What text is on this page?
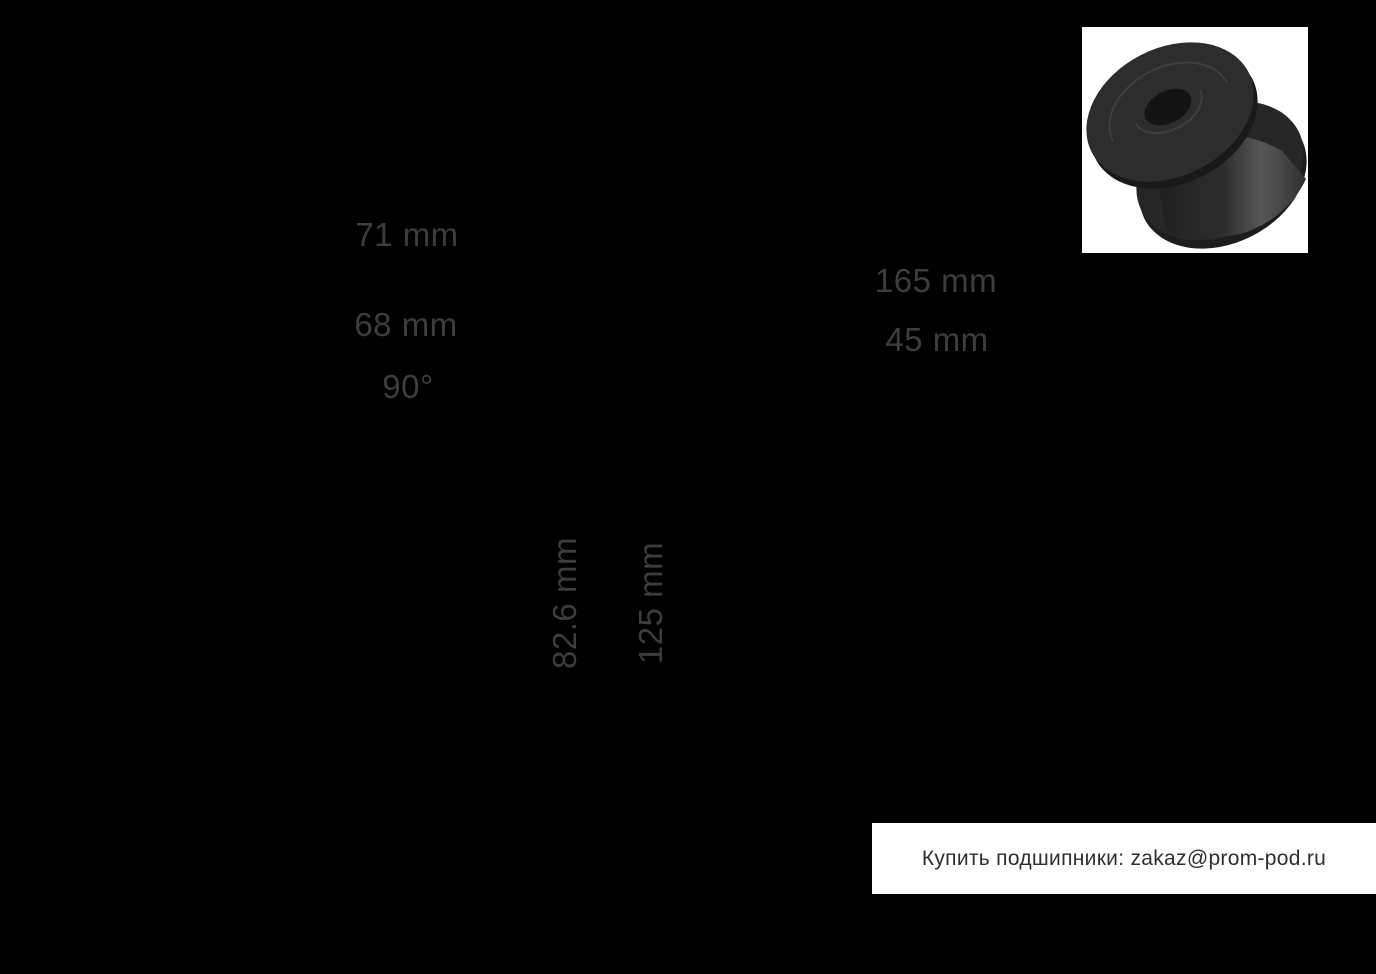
71 mm
68 mm
90°
165 mm
45 mm
82.6 mm 125 mm
Купить подшипники: zakaz@prom-pod.ru
